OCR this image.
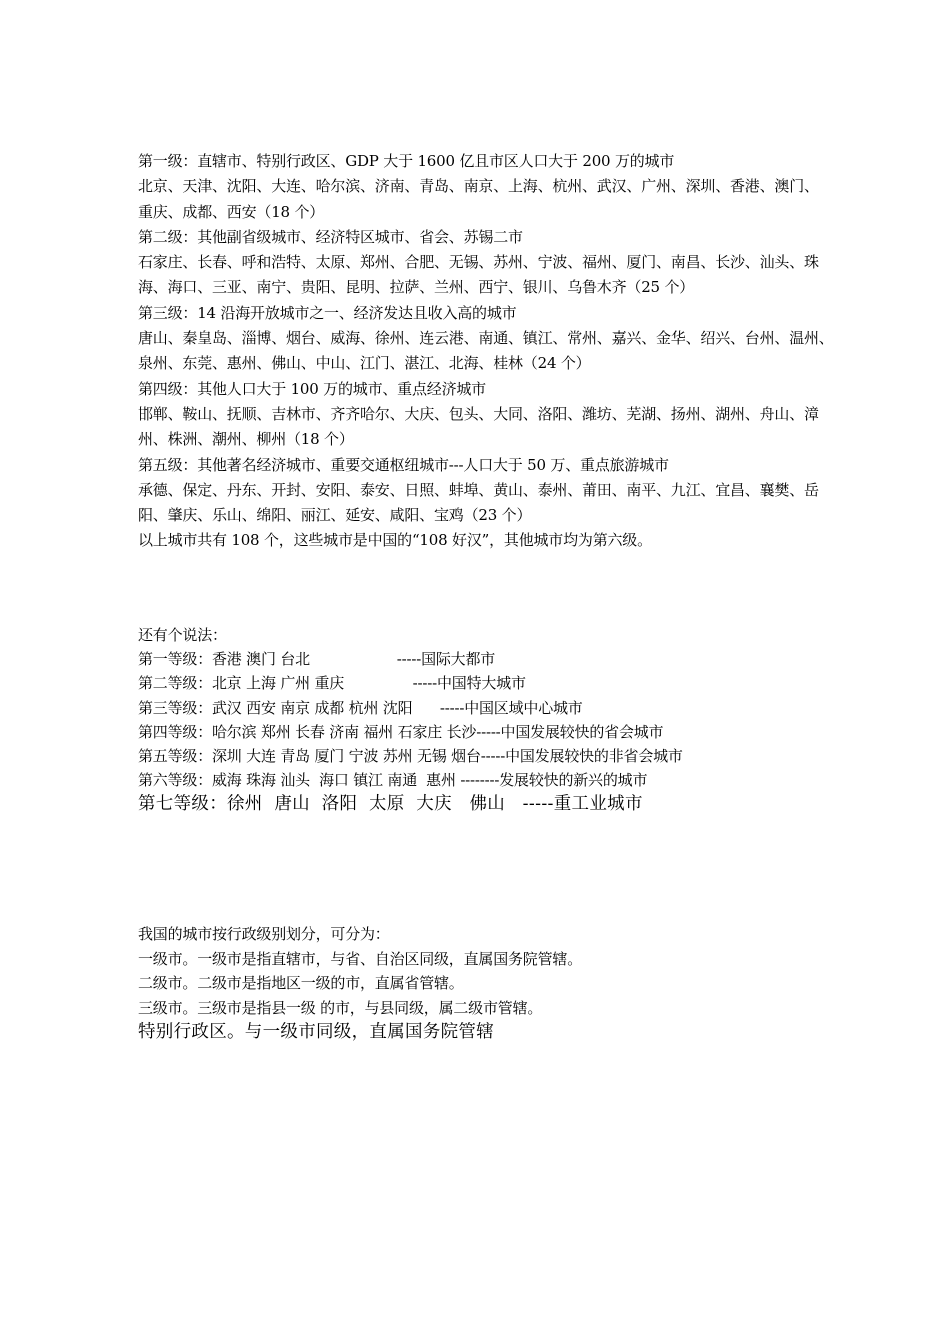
第一级：直辖市、特别行政区、GDP 大于 1600 亿且市区人口大于 200 万的城市
北京、天津、沈阳、大连、哈尔滨、济南、青岛、南京、上海、杭州、武汉、广州、深圳、香港、澳门、
重庆、成都、西安（18 个）
第二级：其他副省级城市、经济特区城市、省会、苏锡二市
石家庄、长春、呼和浩特、太原、郑州、合肥、无锡、苏州、宁波、福州、厦门、南昌、长沙、汕头、珠
海、海口、三亚、南宁、贵阳、昆明、拉萨、兰州、西宁、银川、乌鲁木齐（25 个）
第三级：14 沿海开放城市之一、经济发达且收入高的城市
唐山、秦皇岛、淄博、烟台、威海、徐州、连云港、南通、镇江、常州、嘉兴、金华、绍兴、台州、温州、
泉州、东莞、惠州、佛山、中山、江门、湛江、北海、桂林（24 个）
第四级：其他人口大于 100 万的城市、重点经济城市
邯郸、鞍山、抚顺、吉林市、齐齐哈尔、大庆、包头、大同、洛阳、潍坊、芜湖、扬州、湖州、舟山、漳
州、株洲、潮州、柳州（18 个）
第五级：其他著名经济城市、重要交通枢纽城市---人口大于 50 万、重点旅游城市
承德、保定、丹东、开封、安阳、泰安、日照、蚌埠、黄山、泰州、莆田、南平、九江、宜昌、襄樊、岳
阳、肇庆、乐山、绵阳、丽江、延安、咸阳、宝鸡（23 个）
以上城市共有 108 个，这些城市是中国的“108 好汉”，其他城市均为第六级。
还有个说法：
第一等级：香港 澳门 台北                   -----国际大都市
第二等级：北京 上海 广州 重庆               -----中国特大城市
第三等级：武汉 西安 南京 成都 杭州 沈阳      -----中国区域中心城市
第四等级：哈尔滨 郑州 长春 济南 福州 石家庄 长沙-----中国发展较快的省会城市
第五等级：深圳 大连 青岛 厦门 宁波 苏州 无锡 烟台-----中国发展较快的非省会城市
第六等级：威海 珠海 汕头  海口 镇江 南通  惠州 --------发展较快的新兴的城市
第七等级：徐州  唐山  洛阳  太原  大庆   佛山   -----重工业城市
我国的城市按行政级别划分，可分为：
一级市。一级市是指直辖市，与省、自治区同级，直属国务院管辖。
二级市。二级市是指地区一级的市，直属省管辖。
三级市。三级市是指县一级 的市，与县同级，属二级市管辖。
特别行政区。与一级市同级，直属国务院管辖
